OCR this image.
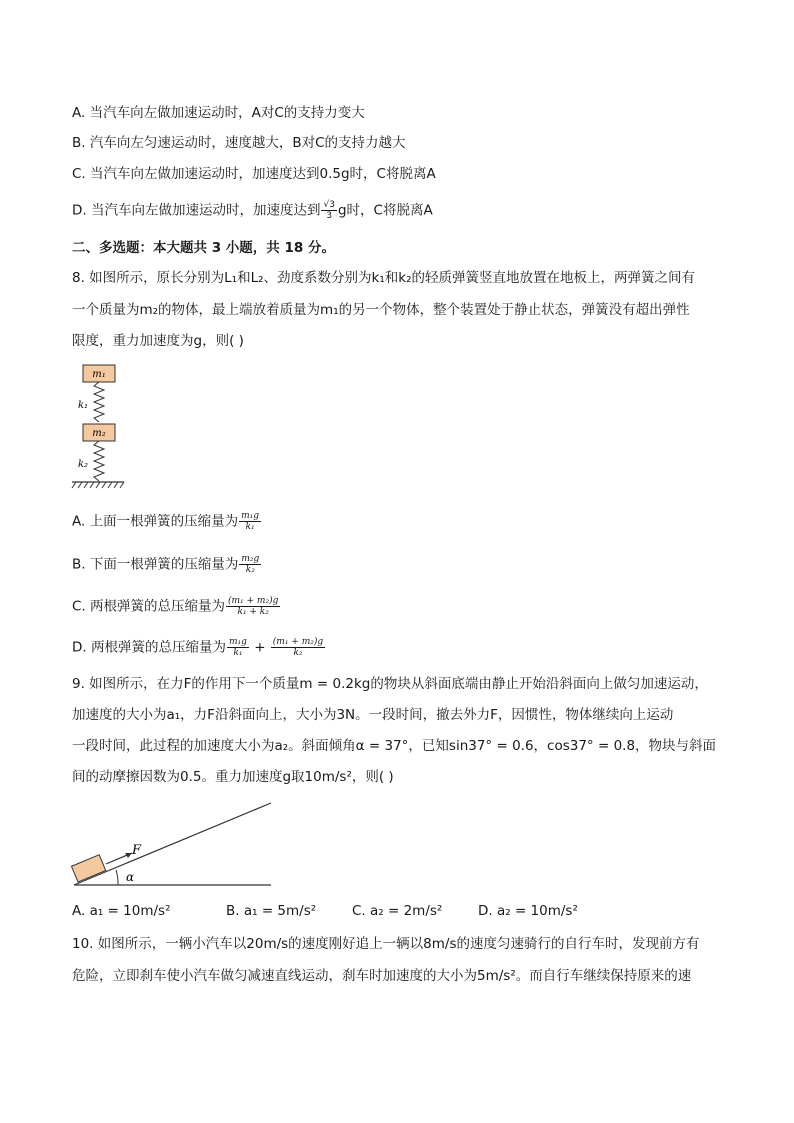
A. 当汽车向左做加速运动时，A对C的支持力变大
B. 汽车向左匀速运动时，速度越大，B对C的支持力越大
C. 当汽车向左做加速运动时，加速度达到0.5g时，C将脱离A
D. 当汽车向左做加速运动时，加速度达到 $\frac{√3}{3}$ g时，C将脱离A
二、多选题：本大题共 3 小题，共 18 分。
8. 如图所示，原长分别为L₁和L₂、劲度系数分别为k₁和k₂的轻质弹簧竖直地放置在地板上，两弹簧之间有
一个质量为m₂的物体，最上端放着质量为m₁的另一个物体，整个装置处于静止状态，弹簧没有超出弹性
限度，重力加速度为g，则( )
m₁
k₁
m₂
k₂
A. 上面一根弹簧的压缩量为 $\frac{\text{m₁g}}{\text{k₁}}$
B. 下面一根弹簧的压缩量为 $\frac{\text{m₂g}}{\text{k₂}}$
C. 两根弹簧的总压缩量为 $\frac{\text{(m₁ + m₂)g}}{\text{k₁ + k₂}}$
D. 两根弹簧的总压缩量为 $\frac{\text{m₁g}}{\text{k₁}} + \frac{\text{(m₁ + m₂)g}}{\text{k₂}}$
9. 如图所示，在力F的作用下一个质量m = 0.2kg的物块从斜面底端由静止开始沿斜面向上做匀加速运动，
加速度的大小为a₁，力F沿斜面向上，大小为3N。一段时间，撤去外力F，因惯性，物体继续向上运动
一段时间，此过程的加速度大小为a₂。斜面倾角α = 37°，已知sin37° = 0.6，cos37° = 0.8，物块与斜面
间的动摩擦因数为0.5。重力加速度g取10m/s²，则( )
F
α
A. a₁ = 10m/s²	B. a₁ = 5m/s²	C. a₂ = 2m/s²	D. a₂ = 10m/s²
10. 如图所示，一辆小汽车以20m/s的速度刚好追上一辆以8m/s的速度匀速骑行的自行车时，发现前方有
危险，立即刹车使小汽车做匀减速直线运动，刹车时加速度的大小为5m/s²。而自行车继续保持原来的速
